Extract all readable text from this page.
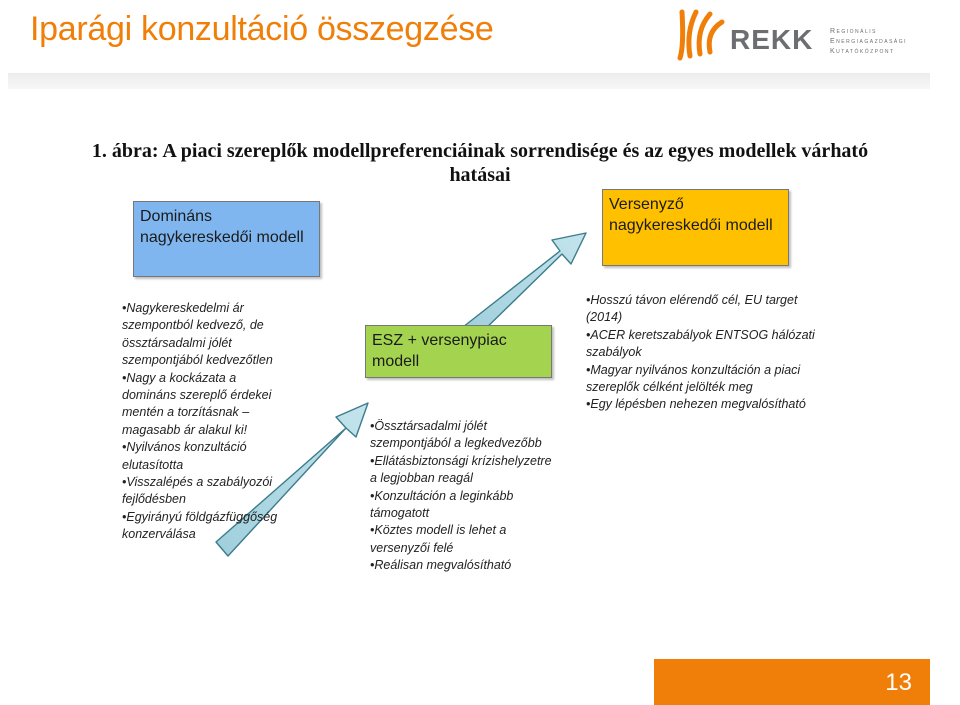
Iparági konzultáció összegzése	REKK Regionális
Energiagazdasági
Kutatóközpont
1. ábra: A piaci szereplők modellpreferenciáinak sorrendisége és az egyes modellek várható hatásai
Domináns nagykereskedői modell
ESZ + versenypiac modell
Versenyző nagykereskedői modell
•Nagykereskedelmi ár szempontból kedvező, de össztársadalmi jólét szempontjából kedvezőtlen
•Nagy a kockázata a domináns szereplő érdekei mentén a torzításnak – magasabb ár alakul ki!
•Nyilvános konzultáció elutasította
•Visszalépés a szabályozói fejlődésben
•Egyirányú földgázfüggőség konzerválása
•Össztársadalmi jólét szempontjából a legkedvezőbb
•Ellátásbiztonsági krízishelyzetre a legjobban reagál
•Konzultáción a leginkább támogatott
•Köztes modell is lehet a versenyzői felé
•Reálisan megvalósítható
•Hosszú távon elérendő cél, EU target (2014)
•ACER keretszabályok ENTSOG hálózati szabályok
•Magyar nyilvános konzultáción a piaci szereplők célként jelölték meg
•Egy lépésben nehezen megvalósítható
13
